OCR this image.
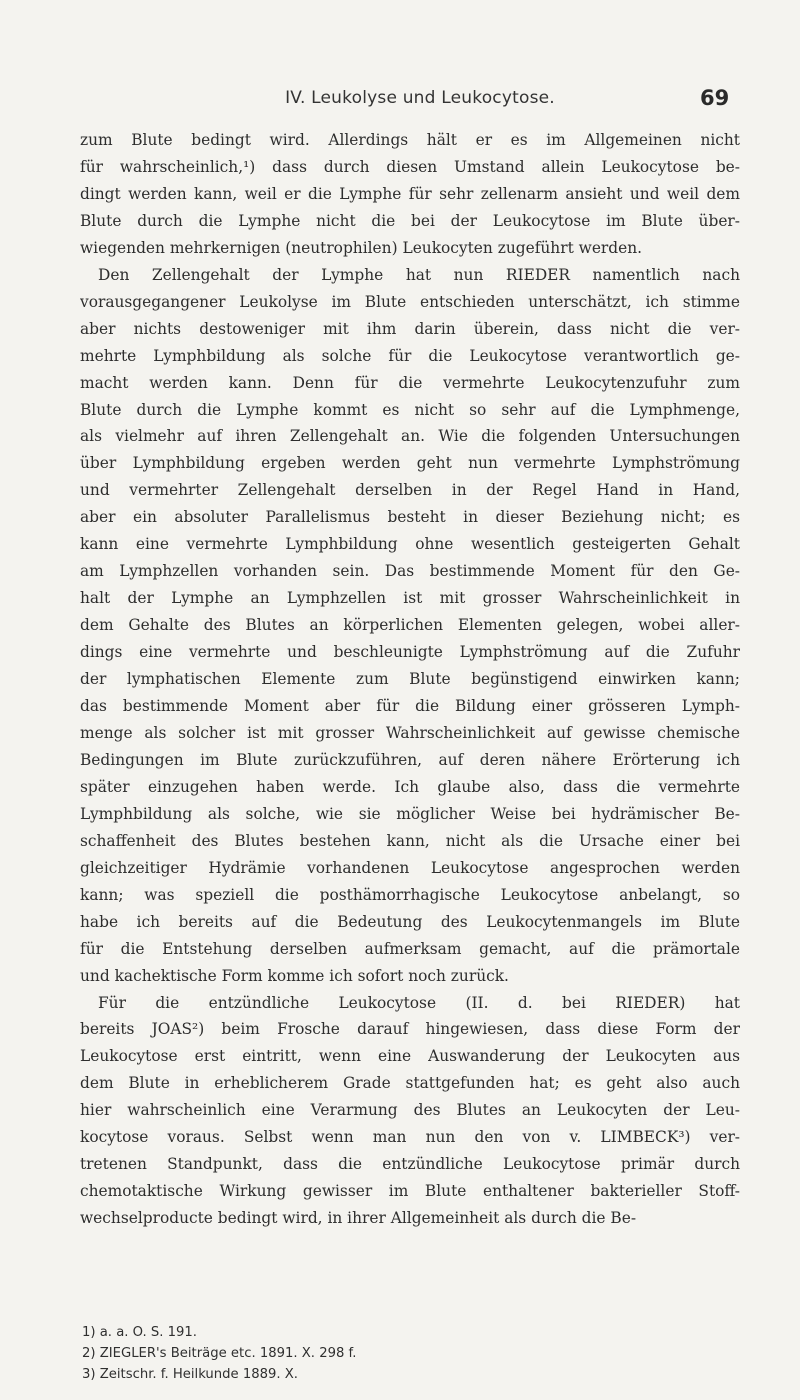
IV. Leukolyse und Leukocytose.	69
zum Blute bedingt wird. Allerdings hält er es im Allgemeinen nicht
für wahrscheinlich,¹) dass durch diesen Umstand allein Leukocytose be-
dingt werden kann, weil er die Lymphe für sehr zellenarm ansieht und weil dem
Blute durch die Lymphe nicht die bei der Leukocytose im Blute über-
wiegenden mehrkernigen (neutrophilen) Leukocyten zugeführt werden.
Den Zellengehalt der Lymphe hat nun RIEDER namentlich nach
vorausgegangener Leukolyse im Blute entschieden unterschätzt, ich stimme
aber nichts destoweniger mit ihm darin überein, dass nicht die ver-
mehrte Lymphbildung als solche für die Leukocytose verantwortlich ge-
macht werden kann. Denn für die vermehrte Leukocytenzufuhr zum
Blute durch die Lymphe kommt es nicht so sehr auf die Lymphmenge,
als vielmehr auf ihren Zellengehalt an. Wie die folgenden Untersuchungen
über Lymphbildung ergeben werden geht nun vermehrte Lymphströmung
und vermehrter Zellengehalt derselben in der Regel Hand in Hand,
aber ein absoluter Parallelismus besteht in dieser Beziehung nicht; es
kann eine vermehrte Lymphbildung ohne wesentlich gesteigerten Gehalt
am Lymphzellen vorhanden sein. Das bestimmende Moment für den Ge-
halt der Lymphe an Lymphzellen ist mit grosser Wahrscheinlichkeit in
dem Gehalte des Blutes an körperlichen Elementen gelegen, wobei aller-
dings eine vermehrte und beschleunigte Lymphströmung auf die Zufuhr
der lymphatischen Elemente zum Blute begünstigend einwirken kann;
das bestimmende Moment aber für die Bildung einer grösseren Lymph-
menge als solcher ist mit grosser Wahrscheinlichkeit auf gewisse chemische
Bedingungen im Blute zurückzuführen, auf deren nähere Erörterung ich
später einzugehen haben werde. Ich glaube also, dass die vermehrte
Lymphbildung als solche, wie sie möglicher Weise bei hydrämischer Be-
schaffenheit des Blutes bestehen kann, nicht als die Ursache einer bei
gleichzeitiger Hydrämie vorhandenen Leukocytose angesprochen werden
kann; was speziell die posthämorrhagische Leukocytose anbelangt, so
habe ich bereits auf die Bedeutung des Leukocytenmangels im Blute
für die Entstehung derselben aufmerksam gemacht, auf die prämortale
und kachektische Form komme ich sofort noch zurück.
Für die entzündliche Leukocytose (II. d. bei RIEDER) hat
bereits JOAS²) beim Frosche darauf hingewiesen, dass diese Form der
Leukocytose erst eintritt, wenn eine Auswanderung der Leukocyten aus
dem Blute in erheblicherem Grade stattgefunden hat; es geht also auch
hier wahrscheinlich eine Verarmung des Blutes an Leukocyten der Leu-
kocytose voraus. Selbst wenn man nun den von v. LIMBECK³) ver-
tretenen Standpunkt, dass die entzündliche Leukocytose primär durch
chemotaktische Wirkung gewisser im Blute enthaltener bakterieller Stoff-
wechselproducte bedingt wird, in ihrer Allgemeinheit als durch die Be-
1) a. a. O. S. 191.
2) ZIEGLER's Beiträge etc. 1891. X. 298 f.
3) Zeitschr. f. Heilkunde 1889. X.
